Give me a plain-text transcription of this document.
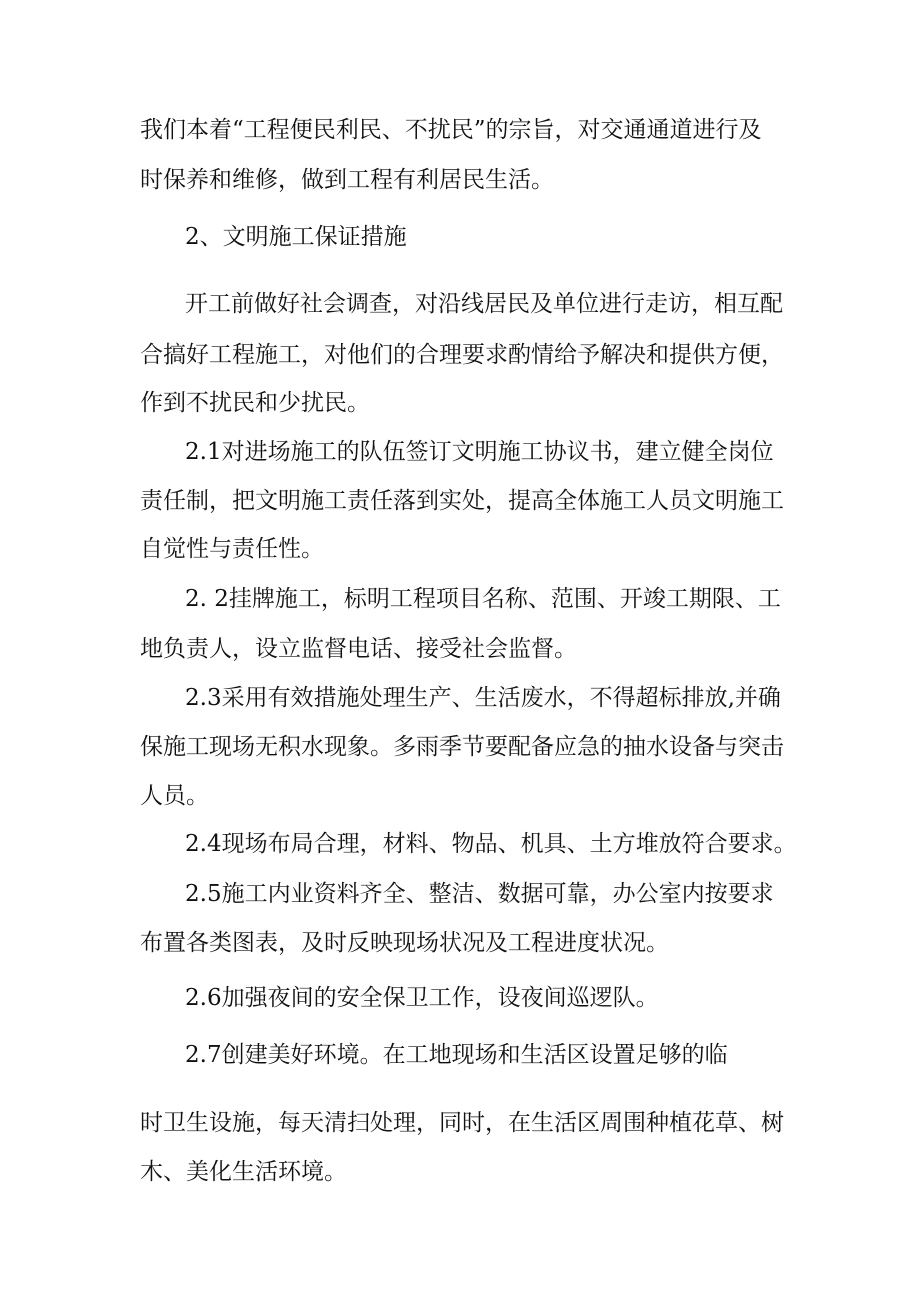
我们本着“工程便民利民、不扰民”的宗旨，对交通通道进行及
时保养和维修，做到工程有利居民生活。
2、文明施工保证措施
开工前做好社会调查，对沿线居民及单位进行走访，相互配
合搞好工程施工，对他们的合理要求酌情给予解决和提供方便，
作到不扰民和少扰民。
2.1对进场施工的队伍签订文明施工协议书，建立健全岗位
责任制，把文明施工责任落到实处，提高全体施工人员文明施工
自觉性与责任性。
2. 2挂牌施工，标明工程项目名称、范围、开竣工期限、工
地负责人，设立监督电话、接受社会监督。
2.3采用有效措施处理生产、生活废水，不得超标排放,并确
保施工现场无积水现象。多雨季节要配备应急的抽水设备与突击
人员。
2.4现场布局合理，材料、物品、机具、土方堆放符合要求。
2.5施工内业资料齐全、整洁、数据可靠，办公室内按要求
布置各类图表，及时反映现场状况及工程进度状况。
2.6加强夜间的安全保卫工作，设夜间巡逻队。
2.7创建美好环境。在工地现场和生活区设置足够的临
时卫生设施，每天清扫处理，同时，在生活区周围种植花草、树
木、美化生活环境。
